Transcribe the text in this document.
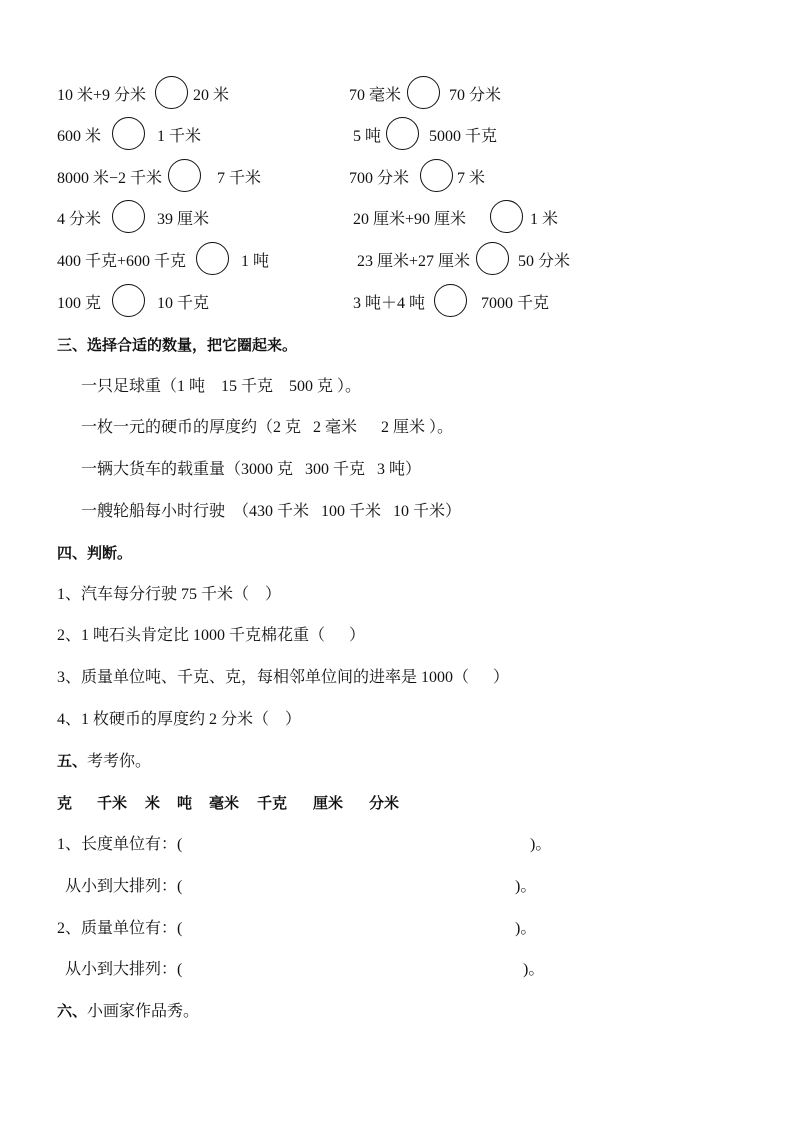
10 米+9 分米	20 米	70 毫米	70 分米
600 米	1 千米	5 吨	5000 千克
8000 米−2 千米	7 千米	700 分米	7 米
4 分米	39 厘米	20 厘米+90 厘米	1 米
400 千克+600 千克	1 吨	23 厘米+27 厘米	50 分米
100 克	10 千克	3 吨＋4 吨	7000 千克
三、选择合适的数量，把它圈起来。
一只足球重（1 吨    15 千克    500 克 ）。
一枚一元的硬币的厚度约（2 克   2 毫米      2 厘米 ）。
一辆大货车的载重量（3000 克   300 千克   3 吨）
一艘轮船每小时行驶  （430 千米   100 千米   10 千米）
四、判断。
1、汽车每分行驶 75 千米（    ）
2、1 吨石头肯定比 1000 千克棉花重（      ）
3、质量单位吨、千克、克，每相邻单位间的进率是 1000（      ）
4、1 枚硬币的厚度约 2 分米（    ）
五、考考你。
克 千米 米 吨 毫米 千克 厘米 分米
1、长度单位有：(	)。
从小到大排列：(	)。
2、质量单位有：(	)。
从小到大排列：(	)。
六、小画家作品秀。
